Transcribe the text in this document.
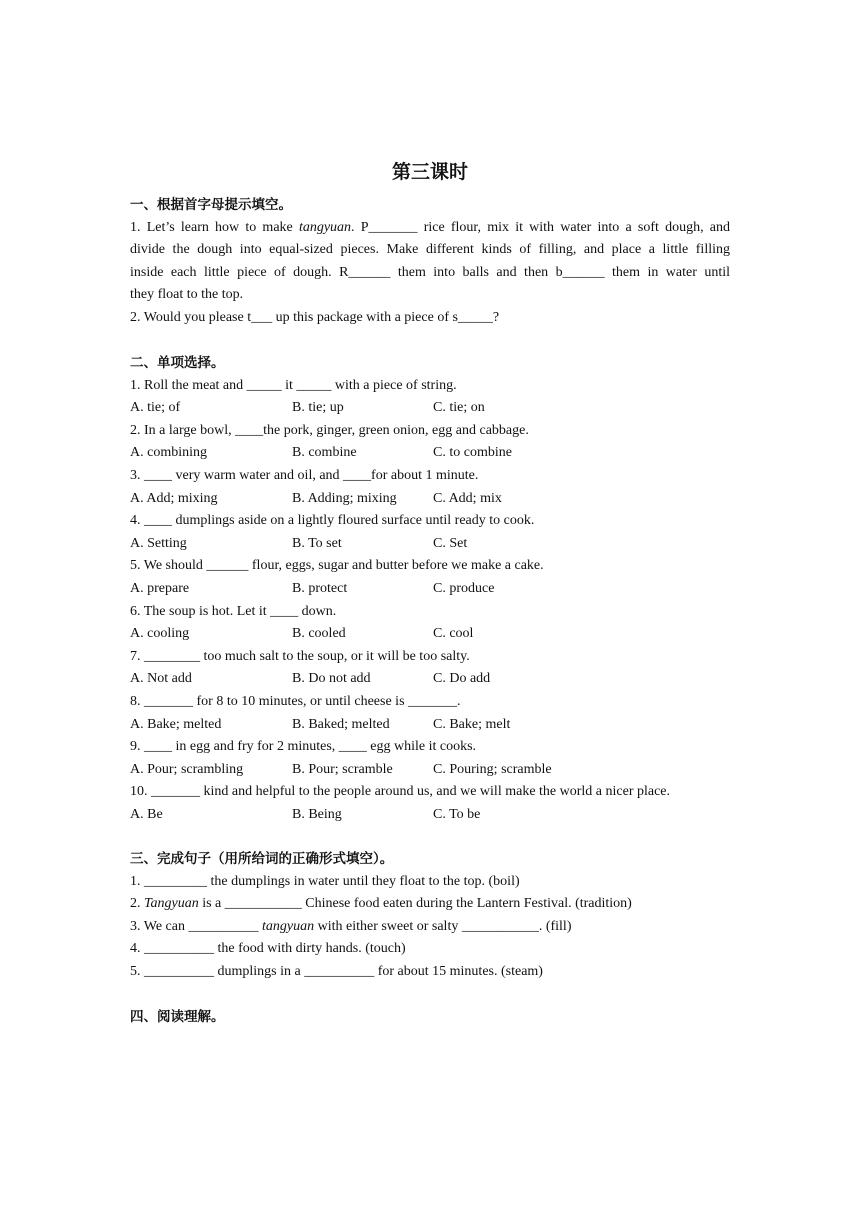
第三课时
一、根据首字母提示填空。
1. Let’s learn how to make tangyuan. P_______ rice flour, mix it with water into a soft dough, and
divide the dough into equal-sized pieces. Make different kinds of filling, and place a little filling
inside each little piece of dough. R______ them into balls and then b______ them in water until
they float to the top.
2. Would you please t___ up this package with a piece of s_____?
二、单项选择。
1. Roll the meat and _____ it _____ with a piece of string.
A. tie; of	B. tie; up	C. tie; on
2. In a large bowl, ____the pork, ginger, green onion, egg and cabbage.
A. combining	B. combine	C. to combine
3. ____ very warm water and oil, and ____for about 1 minute.
A. Add; mixing	B. Adding; mixing	C. Add; mix
4. ____ dumplings aside on a lightly floured surface until ready to cook.
A. Setting	B. To set	C. Set
5. We should ______ flour, eggs, sugar and butter before we make a cake.
A. prepare	B. protect	C. produce
6. The soup is hot. Let it ____ down.
A. cooling	B. cooled	C. cool
7. ________ too much salt to the soup, or it will be too salty.
A. Not add	B. Do not add	C. Do add
8. _______ for 8 to 10 minutes, or until cheese is _______.
A. Bake; melted	B. Baked; melted	C. Bake; melt
9. ____ in egg and fry for 2 minutes, ____ egg while it cooks.
A. Pour; scrambling	B. Pour; scramble	C. Pouring; scramble
10. _______ kind and helpful to the people around us, and we will make the world a nicer place.
A. Be	B. Being	C. To be
三、完成句子（用所给词的正确形式填空）。
1. _________ the dumplings in water until they float to the top. (boil)
2. Tangyuan is a ___________ Chinese food eaten during the Lantern Festival. (tradition)
3. We can __________ tangyuan with either sweet or salty ___________. (fill)
4. __________ the food with dirty hands. (touch)
5. __________ dumplings in a __________ for about 15 minutes. (steam)
四、阅读理解。
